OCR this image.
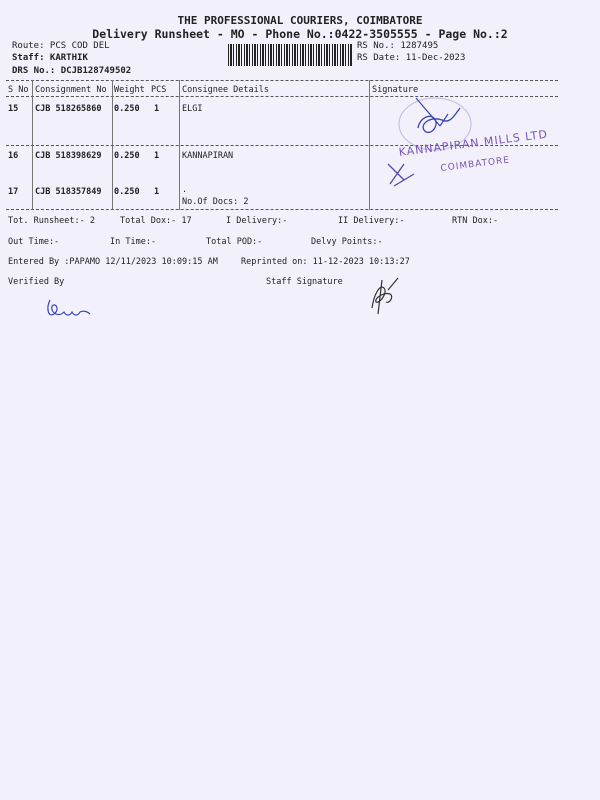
THE PROFESSIONAL COURIERS, COIMBATORE
Delivery Runsheet - MO - Phone No.:0422-3505555 - Page No.:2
Route: PCS COD DEL
Staff: KARTHIK
DRS No.: DCJB128749502
RS No.: 1287495
RS Date: 11-Dec-2023
S No Consignment No Weight PCS Consignee Details	Signature
15 CJB 518265860 0.250 1	ELGI
16 CJB 518398629 0.250 1	KANNAPIRAN
17 CJB 518357849 0.250 1	.
No.Of Docs: 2
Tot. Runsheet:- 2	Total Dox:- 17	I Delivery:-	II Delivery:-	RTN Dox:-
Out Time:-	In Time:-	Total POD:-	Delvy Points:-
Entered By :PAPAMO 12/11/2023 10:09:15 AM	Reprinted on: 11-12-2023 10:13:27
Verified By	Staff Signature
KANNAPIRAN MILLS LTD
COIMBATORE
